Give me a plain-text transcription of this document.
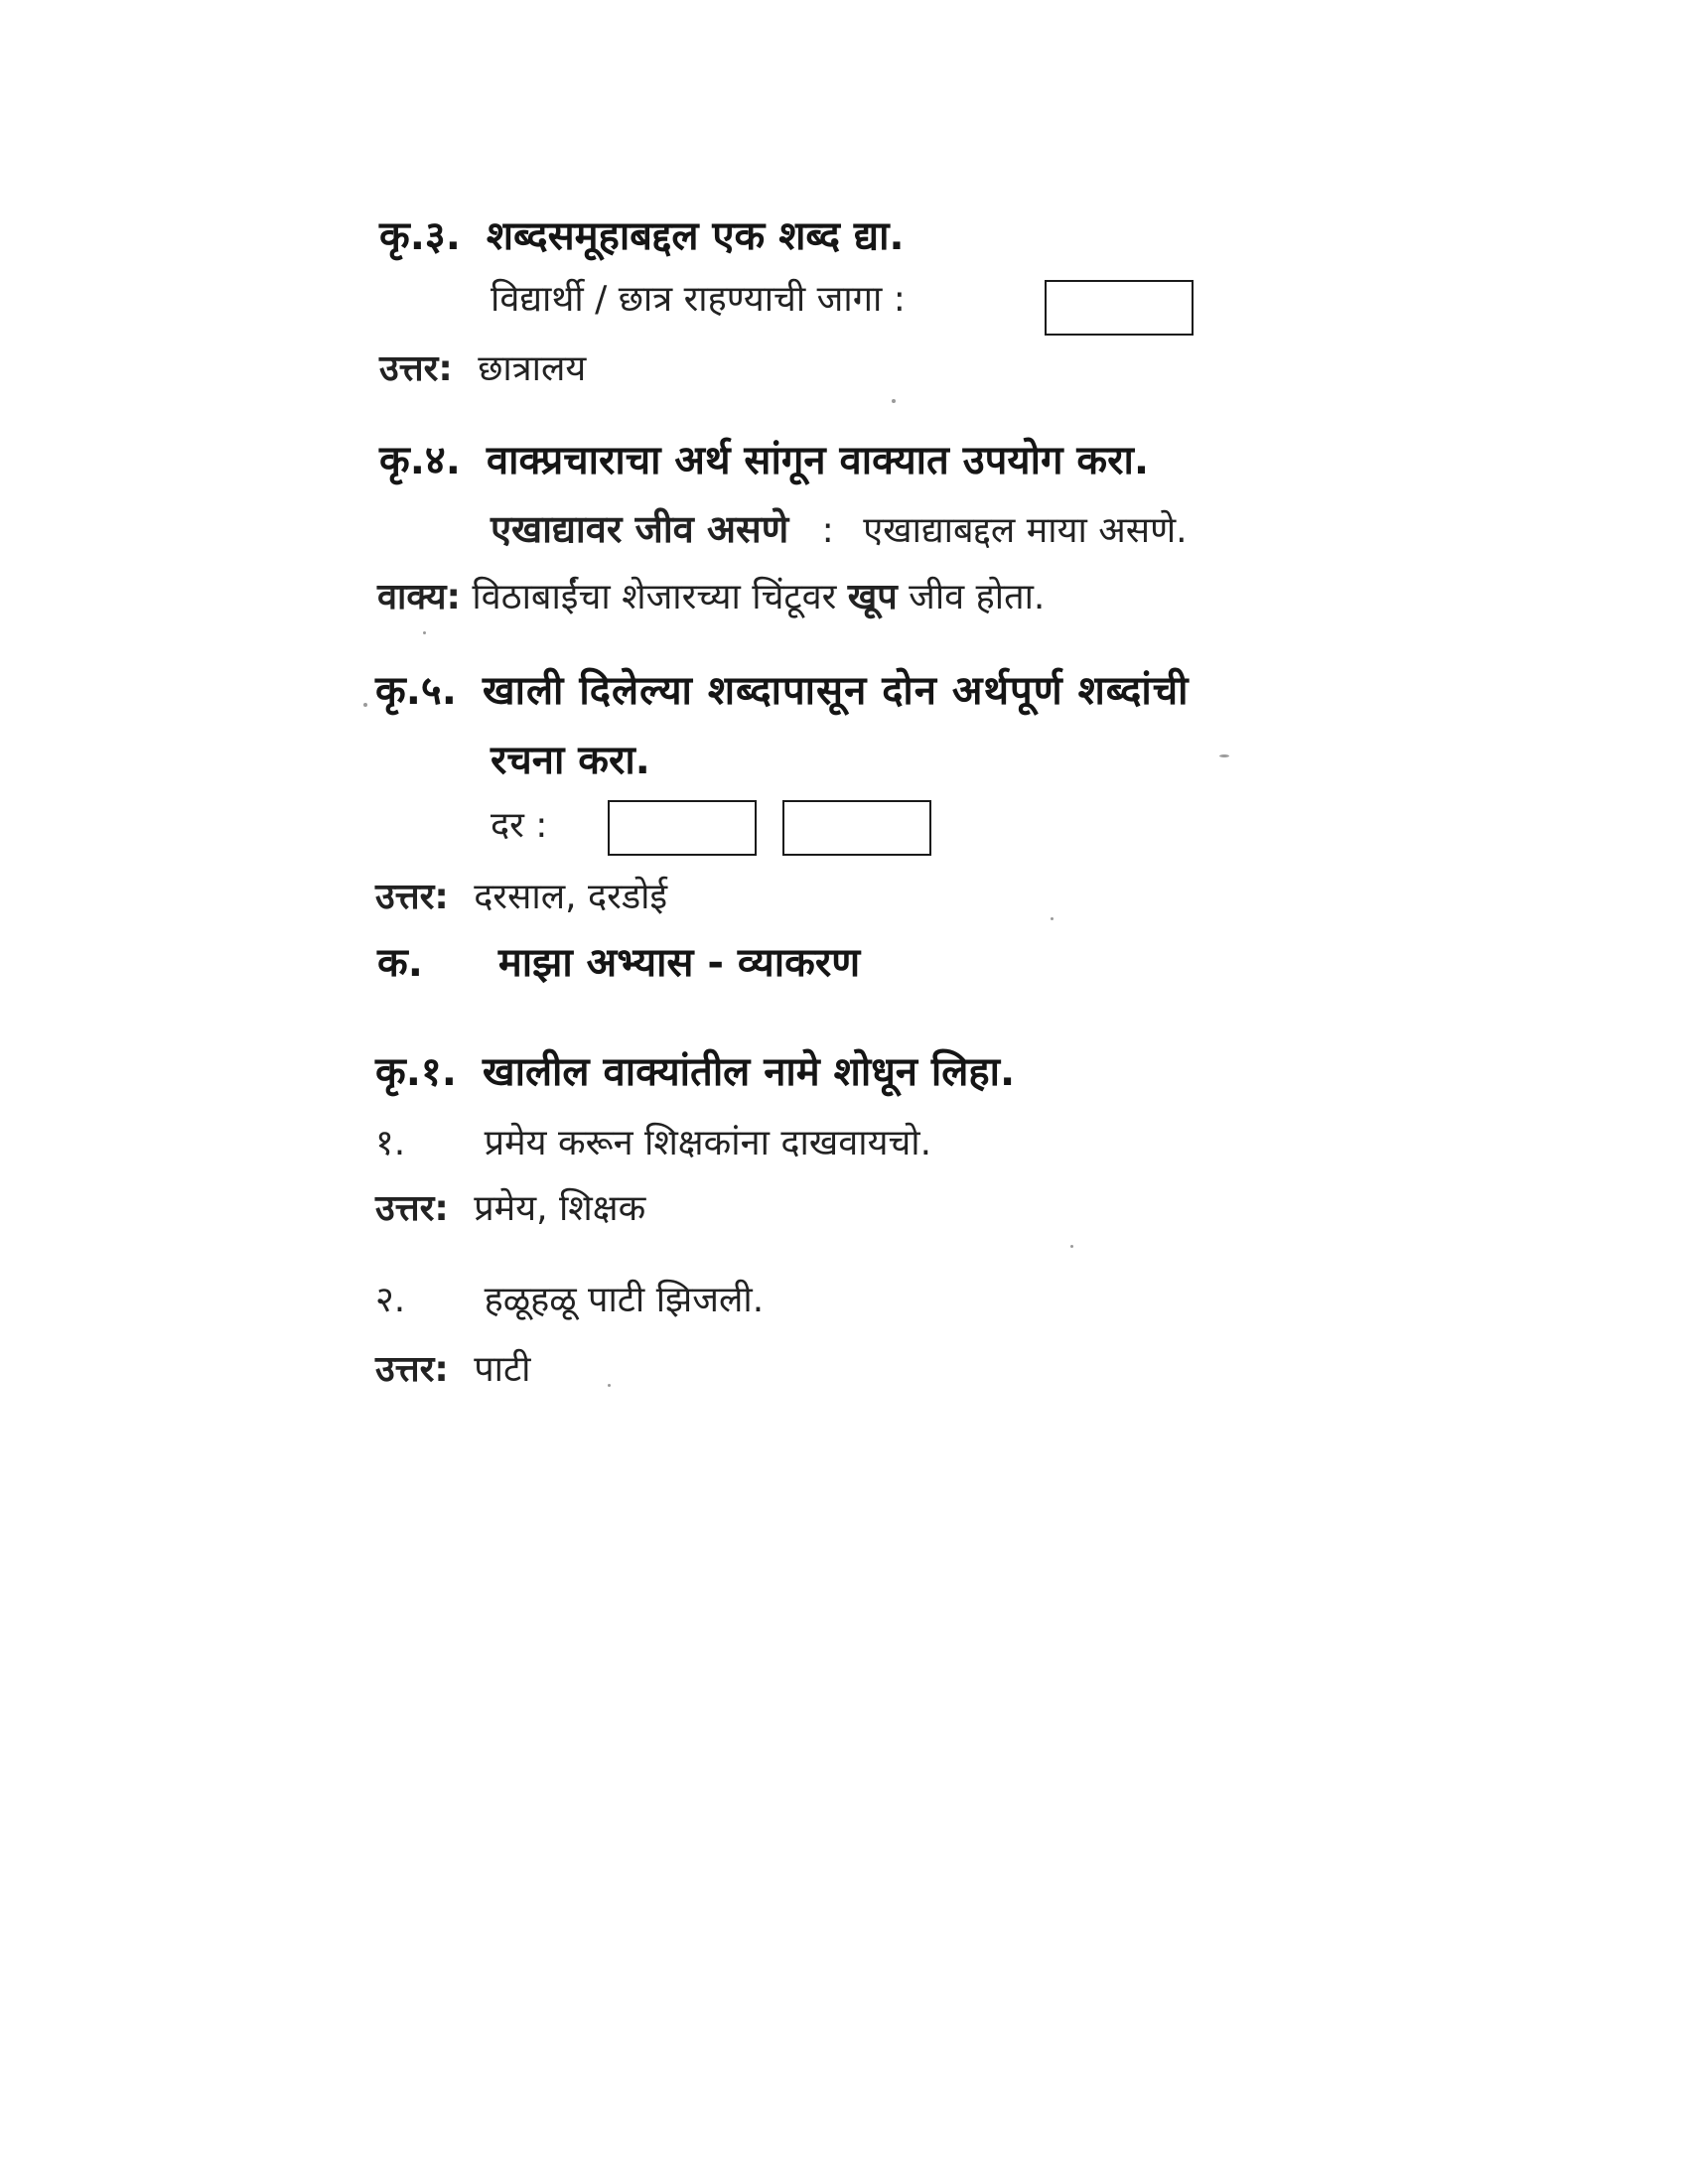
कृ.३. शब्दसमूहाबद्दल एक शब्द द्या.
विद्यार्थी / छात्र राहण्याची जागा :
उत्तर: छात्रालय
कृ.४. वाक्प्रचाराचा अर्थ सांगून वाक्यात उपयोग करा.
एखाद्यावर जीव असणे : एखाद्याबद्दल माया असणे.
वाक्य: विठाबाईंचा शेजारच्या चिंटूवर खूप जीव होता.
कृ.५. खाली दिलेल्या शब्दापासून दोन अर्थपूर्ण शब्दांची
रचना करा.
दर :
उत्तर: दरसाल, दरडोई
क. माझा अभ्यास - व्याकरण
कृ.१. खालील वाक्यांतील नामे शोधून लिहा.
१. प्रमेय करून शिक्षकांना दाखवायचो.
उत्तर: प्रमेय, शिक्षक
२. हळूहळू पाटी झिजली.
उत्तर: पाटी
